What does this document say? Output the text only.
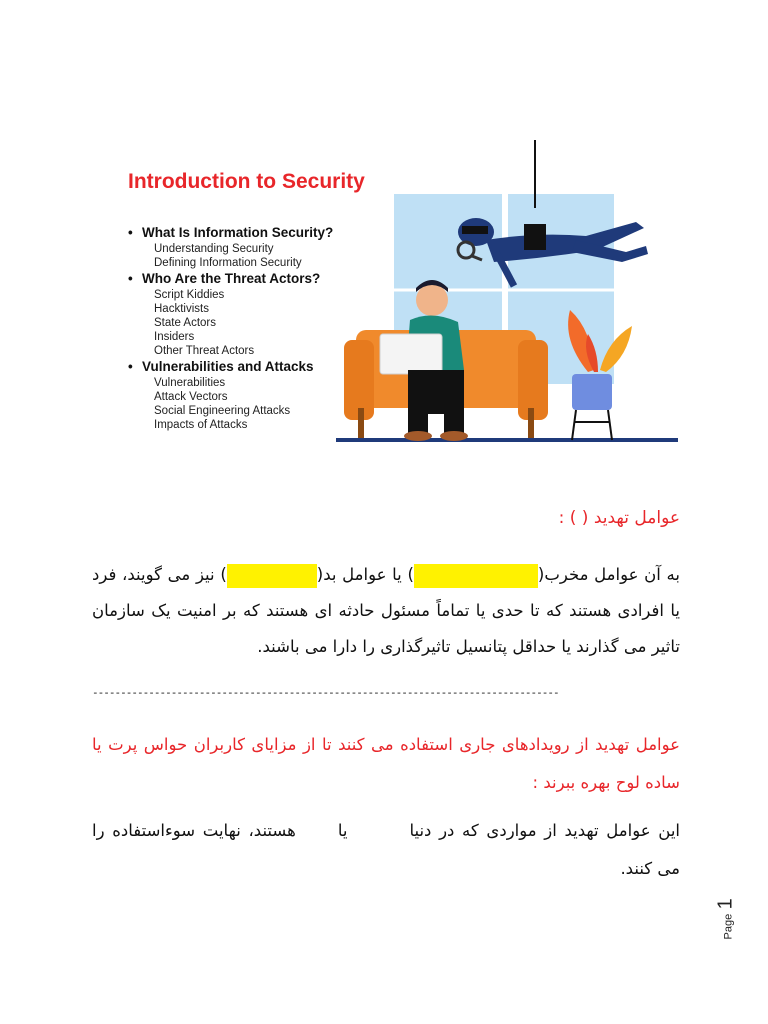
Introduction to Security
• What Is Information Security?
Understanding Security
Defining Information Security
• Who Are the Threat Actors?
Script Kiddies
Hacktivists
State Actors
Insiders
Other Threat Actors
• Vulnerabilities and Attacks
Vulnerabilities
Attack Vectors
Social Engineering Attacks
Impacts of Attacks
عوامل تهدید ( ) :
به آن عوامل مخرب() یا عوامل بد() نیز می گویند، فرد یا افرادی هستند که تا حدی یا تماماً مسئول حادثه ای هستند که بر امنیت یک سازمان تاثیر می گذارند یا حداقل پتانسیل تاثیرگذاری را دارا می باشند.
-----------------------------------------------------------------------------------
عوامل تهدید از رویدادهای جاری استفاده می کنند تا از مزایای کاربران حواس پرت یا ساده لوح بهره ببرند :
این عوامل تهدید از مواردی که در دنیایاهستند، نهایت سوءاستفاده را می کنند.
Page 1
